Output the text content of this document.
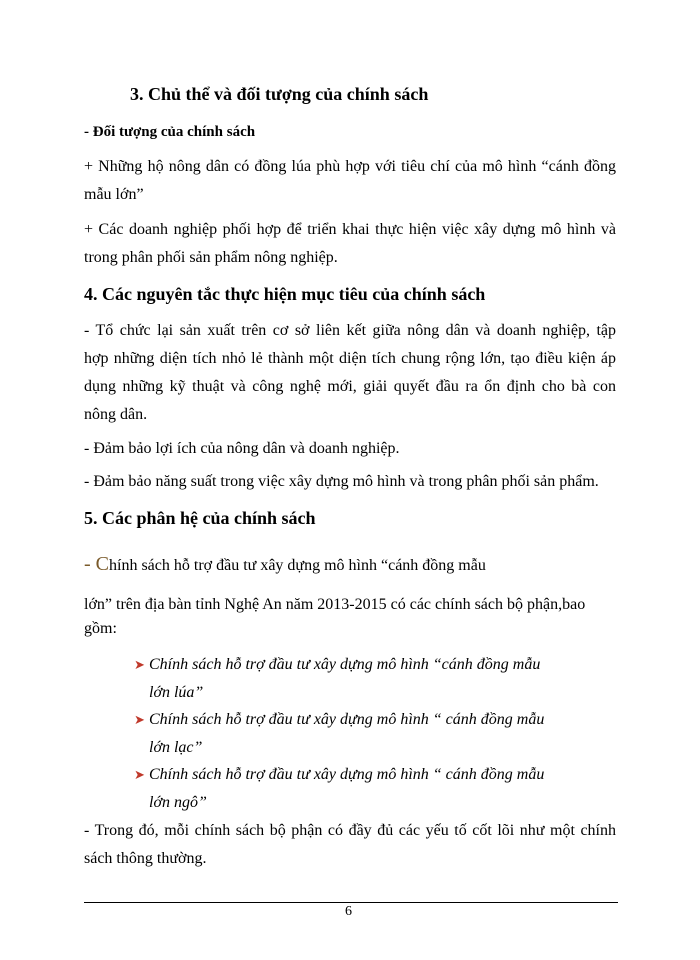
3. Chủ thể và đối tượng của chính sách
- Đối tượng của chính sách
+ Những hộ nông dân có đồng lúa phù hợp với tiêu chí của mô hình “cánh đồng
mẫu lớn”
+ Các doanh nghiệp phối hợp để triển khai thực hiện việc xây dựng mô hình và
trong phân phối sản phẩm nông nghiệp.
4. Các nguyên tắc thực hiện mục tiêu của chính sách
- Tổ chức lại sản xuất trên cơ sở liên kết giữa nông dân và doanh nghiệp, tập
hợp những diện tích nhỏ lẻ thành một diện tích chung rộng lớn, tạo điều kiện áp
dụng những kỹ thuật và công nghệ mới, giải quyết đầu ra ổn định cho bà con
nông dân.
- Đảm bảo lợi ích của nông dân và doanh nghiệp.
- Đảm bảo năng suất trong việc xây dựng mô hình và trong phân phối sản phẩm.
5. Các phân hệ của chính sách
- Chính sách hỗ trợ đầu tư xây dựng mô hình “cánh đồng mẫu
lớn” trên địa bàn tỉnh Nghệ An năm 2013-2015 có các chính sách bộ phận,bao
gồm:
➤ Chính sách hỗ trợ đầu tư xây dựng mô hình “cánh đồng mẫu
lớn lúa”
➤ Chính sách hỗ trợ đầu tư xây dựng mô hình “ cánh đồng mẫu
lớn lạc”
➤ Chính sách hỗ trợ đầu tư xây dựng mô hình “ cánh đồng mẫu
lớn ngô”
- Trong đó, mỗi chính sách bộ phận có đầy đủ các yếu tố cốt lõi như một chính
sách thông thường.
6
